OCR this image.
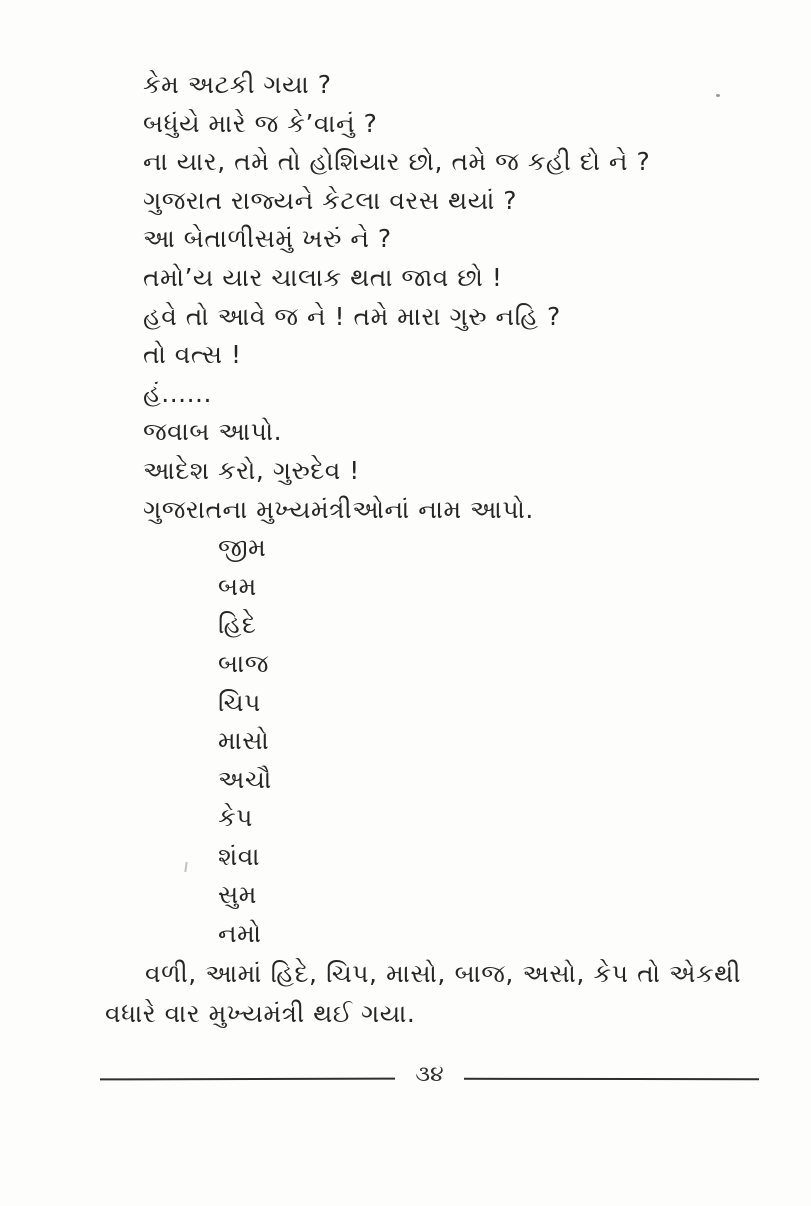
કેમ અટકી ગયા ?

બધુંયે મારે જ કે’વાનું ?

ના યાર, તમે તો હોશિયાર છો, તમે જ કહી દો ને ?

ગુજરાત રાજ્યને કેટલા વરસ થયાં ?

આ બેતાળીસમું ખરું ને ?

તમો’ય યાર ચાલાક થતા જાવ છો !

હવે તો આવે જ ને ! તમે મારા ગુરુ નહિ ?

તો વત્સ !

હં......

જવાબ આપો.

આદેશ કરો, ગુરુદેવ !

ગુજરાતના મુખ્યમંત્રીઓનાં નામ આપો.

જીમ
બમ
હિદે
બાજ
ચિપ
માસો
અચૌ
કેપ
શંવા
સુમ
નમો

વળી, આમાં હિદે, ચિપ, માસો, બાજ, અસો, કેપ તો એકથી વધારે વાર મુખ્યમંત્રી થઈ ગયા.

૩૪
